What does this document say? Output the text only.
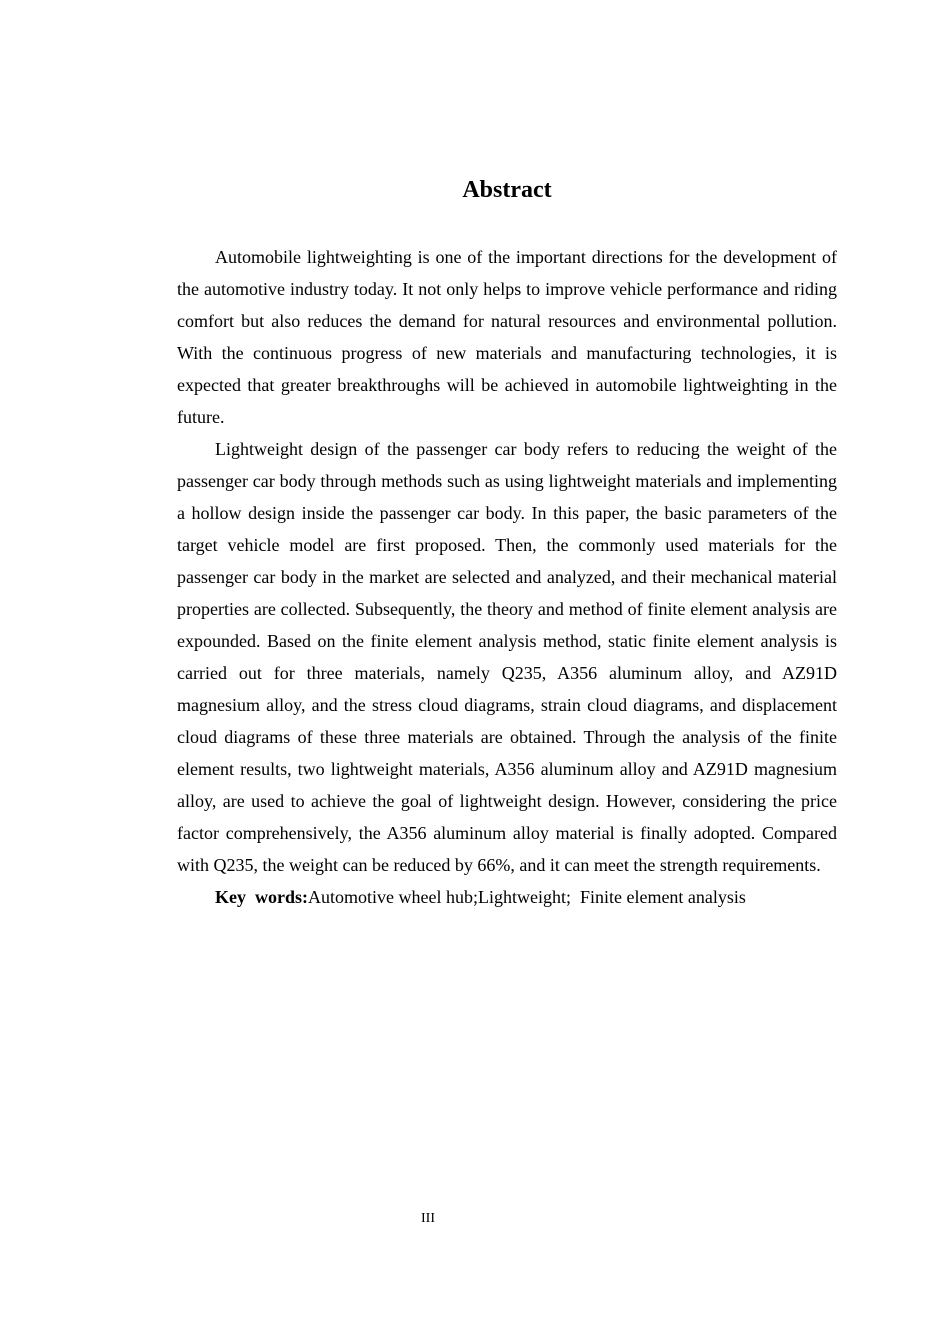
Abstract

Automobile lightweighting is one of the important directions for the development of the automotive industry today. It not only helps to improve vehicle performance and riding comfort but also reduces the demand for natural resources and environmental pollution. With the continuous progress of new materials and manufacturing technologies, it is expected that greater breakthroughs will be achieved in automobile lightweighting in the future.

Lightweight design of the passenger car body refers to reducing the weight of the passenger car body through methods such as using lightweight materials and implementing a hollow design inside the passenger car body. In this paper, the basic parameters of the target vehicle model are first proposed. Then, the commonly used materials for the passenger car body in the market are selected and analyzed, and their mechanical material properties are collected. Subsequently, the theory and method of finite element analysis are expounded. Based on the finite element analysis method, static finite element analysis is carried out for three materials, namely Q235, A356 aluminum alloy, and AZ91D magnesium alloy, and the stress cloud diagrams, strain cloud diagrams, and displacement cloud diagrams of these three materials are obtained. Through the analysis of the finite element results, two lightweight materials, A356 aluminum alloy and AZ91D magnesium alloy, are used to achieve the goal of lightweight design. However, considering the price factor comprehensively, the A356 aluminum alloy material is finally adopted. Compared with Q235, the weight can be reduced by 66%, and it can meet the strength requirements.

Key  words:Automotive wheel hub;Lightweight;  Finite element analysis

III
